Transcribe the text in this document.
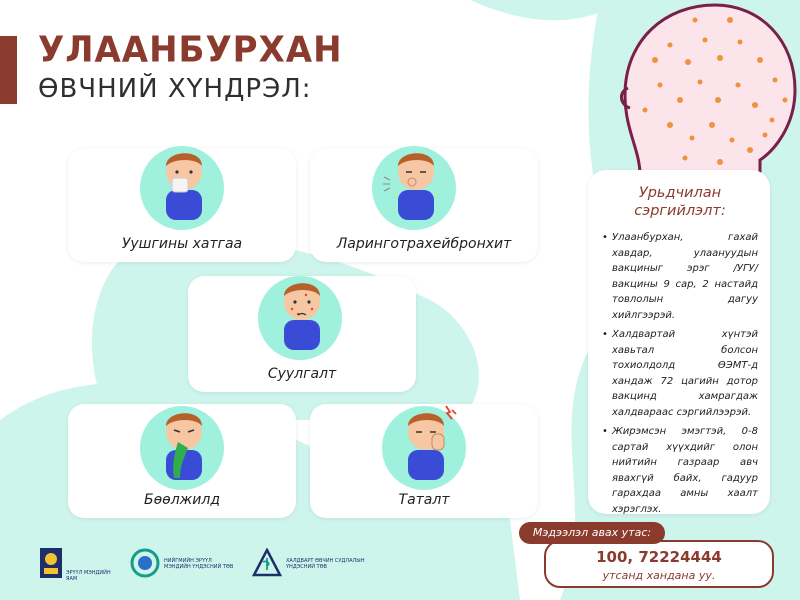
УЛААНБУРХАН
ӨВЧНИЙ ХҮНДРЭЛ:
Уушгины хатгаа	Ларинготрахейбронхит
Суулгалт
Бөөлжилд	Таталт
Урьдчилан сэргийлэлт:
• Улаанбурхан, гахай хавдар, улаануудын вакциныг эрэг /УГУ/ вакцины 9 сар, 2 настайд товлолын дагуу хийлгээрэй.
• Халдвартай хүнтэй хавьтал болсон тохиолдолд ӨЭМТ-д хандаж 72 цагийн дотор вакцинд хамрагдаж халдвараас сэргийлээрэй.
• Жирэмсэн эмэгтэй, 0-8 сартай хүүхдийг олон нийтийн газраар авч явахгүй байх, гадуур гарахдаа амны хаалт хэрэглэх.
100, 72224444
утсанд хандана уу.
Мэдээлэл авах утас:
ЭРҮҮЛ МЭНДИЙН ЯАМ
НИЙГМИЙН ЭРҮҮЛ МЭНДИЙН ҮНДЭСНИЙ ТӨВ
ХАЛДВАРТ ӨВЧИН СУДЛАЛЫН ҮНДЭСНИЙ ТӨВ
